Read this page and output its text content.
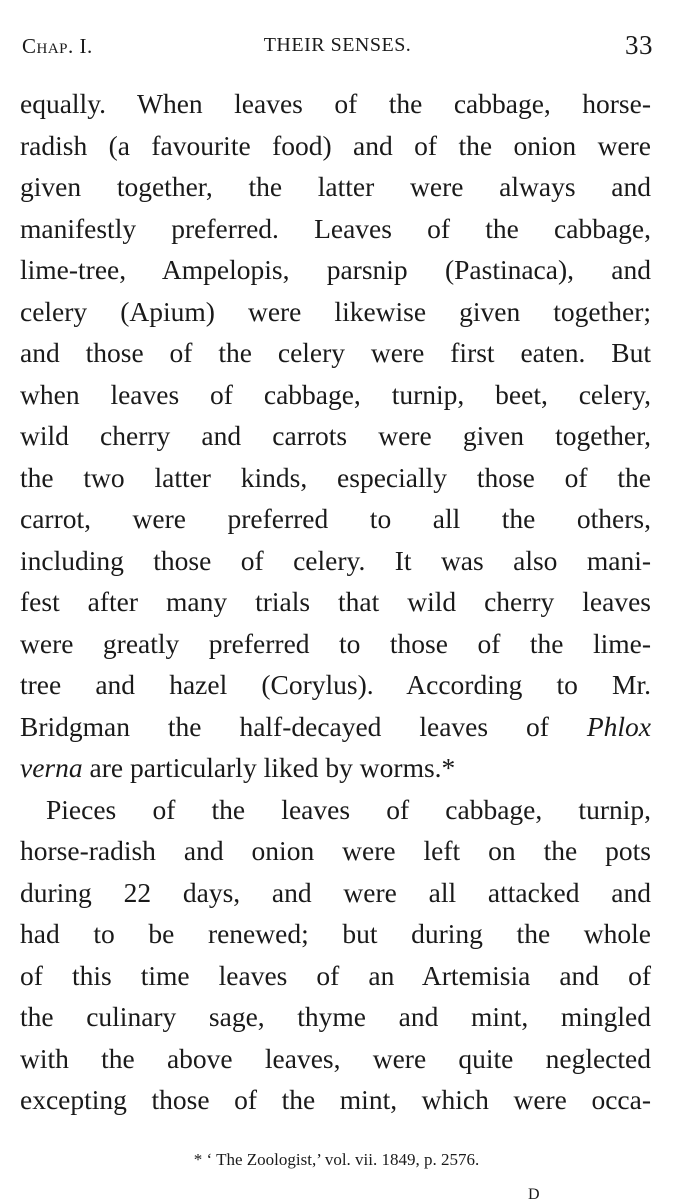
Chap. I.	THEIR SENSES.	33
equally. When leaves of the cabbage, horse-
radish (a favourite food) and of the onion were
given together, the latter were always and
manifestly preferred. Leaves of the cabbage,
lime-tree, Ampelopis, parsnip (Pastinaca), and
celery (Apium) were likewise given together;
and those of the celery were first eaten. But
when leaves of cabbage, turnip, beet, celery,
wild cherry and carrots were given together,
the two latter kinds, especially those of the
carrot, were preferred to all the others,
including those of celery. It was also mani-
fest after many trials that wild cherry leaves
were greatly preferred to those of the lime-
tree and hazel (Corylus). According to Mr.
Bridgman the half-decayed leaves of Phlox
verna are particularly liked by worms.*
Pieces of the leaves of cabbage, turnip,
horse-radish and onion were left on the pots
during 22 days, and were all attacked and
had to be renewed; but during the whole
of this time leaves of an Artemisia and of
the culinary sage, thyme and mint, mingled
with the above leaves, were quite neglected
excepting those of the mint, which were occa-
* ‘ The Zoologist,’ vol. vii. 1849, p. 2576.
D
